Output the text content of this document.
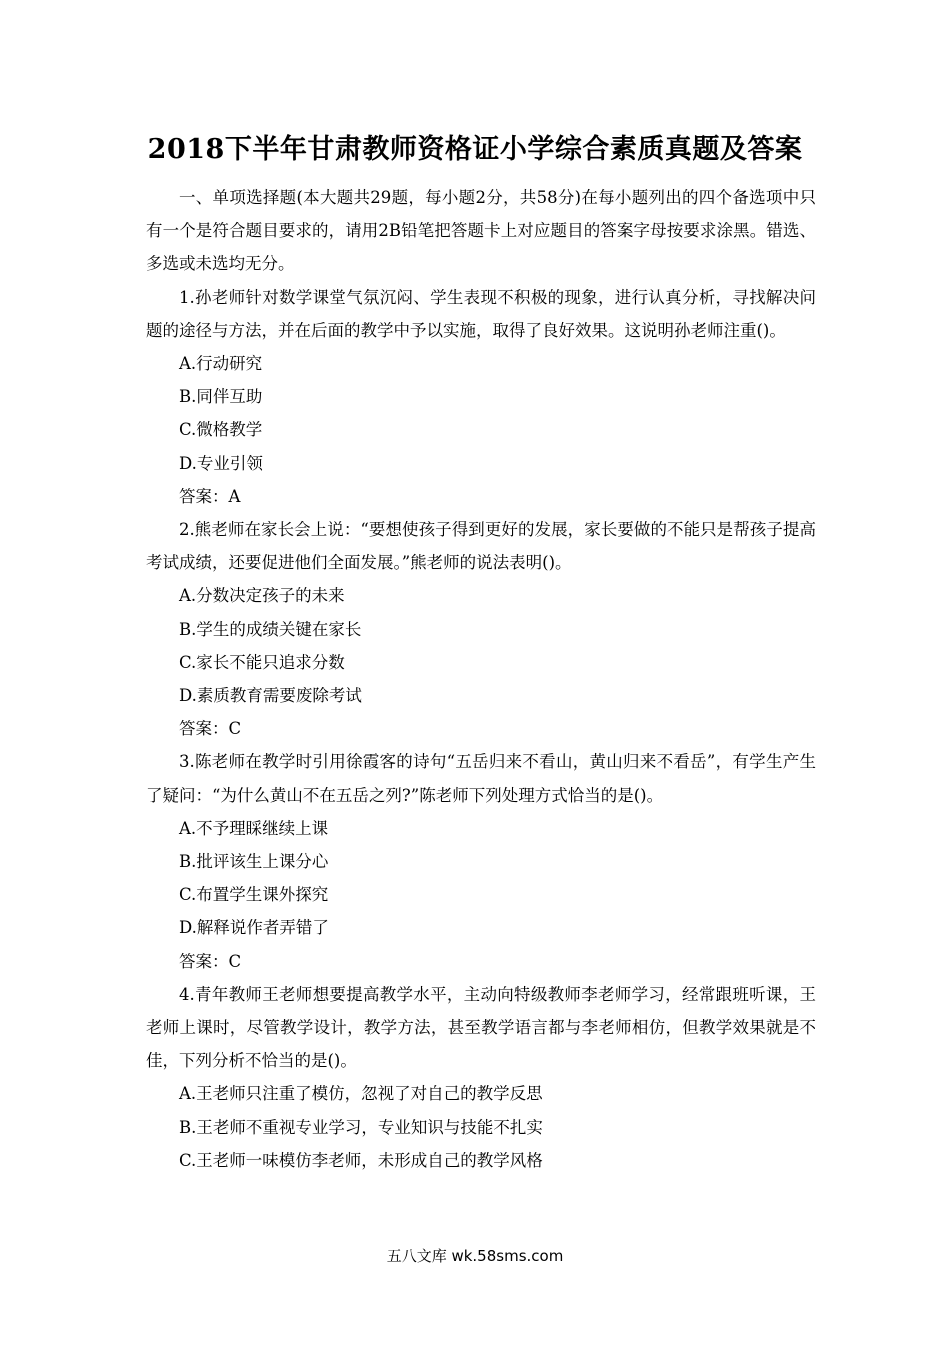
2018下半年甘肃教师资格证小学综合素质真题及答案

一、单项选择题(本大题共29题，每小题2分，共58分)在每小题列出的四个备选项中只有一个是符合题目要求的，请用2B铅笔把答题卡上对应题目的答案字母按要求涂黑。错选、多选或未选均无分。

1.孙老师针对数学课堂气氛沉闷、学生表现不积极的现象，进行认真分析，寻找解决问题的途径与方法，并在后面的教学中予以实施，取得了良好效果。这说明孙老师注重()。

A.行动研究

B.同伴互助

C.微格教学

D.专业引领

答案：A

2.熊老师在家长会上说：“要想使孩子得到更好的发展，家长要做的不能只是帮孩子提高考试成绩，还要促进他们全面发展。”熊老师的说法表明()。

A.分数决定孩子的未来

B.学生的成绩关键在家长

C.家长不能只追求分数

D.素质教育需要废除考试

答案：C

3.陈老师在教学时引用徐霞客的诗句“五岳归来不看山，黄山归来不看岳”，有学生产生了疑问：“为什么黄山不在五岳之列?”陈老师下列处理方式恰当的是()。

A.不予理睬继续上课

B.批评该生上课分心

C.布置学生课外探究

D.解释说作者弄错了

答案：C

4.青年教师王老师想要提高教学水平，主动向特级教师李老师学习，经常跟班听课，王老师上课时，尽管教学设计，教学方法，甚至教学语言都与李老师相仿，但教学效果就是不佳，下列分析不恰当的是()。

A.王老师只注重了模仿，忽视了对自己的教学反思

B.王老师不重视专业学习，专业知识与技能不扎实

C.王老师一味模仿李老师，未形成自己的教学风格

五八文库 wk.58sms.com
